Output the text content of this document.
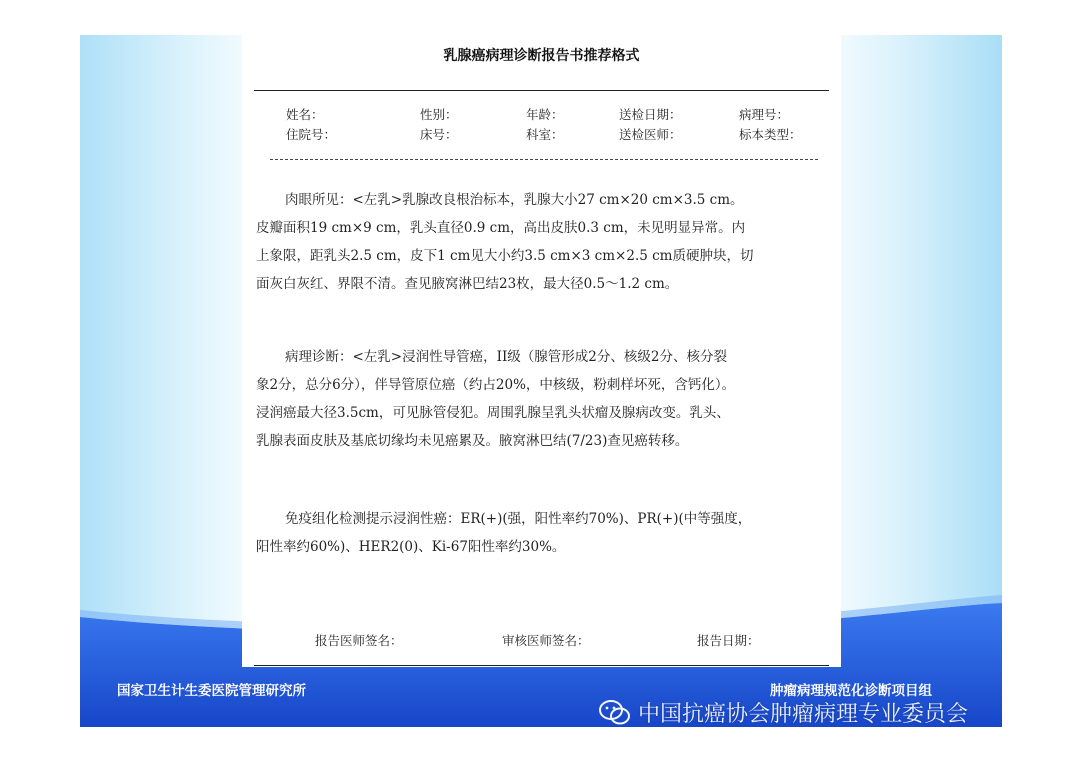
乳腺癌病理诊断报告书推荐格式
姓名：	性别：	年龄：	送检日期：	病理号：
住院号：	床号：	科室：	送检医师：	标本类型：
肉眼所见：<左乳>乳腺改良根治标本，乳腺大小27 cm×20 cm×3.5 cm。
皮瓣面积19 cm×9 cm，乳头直径0.9 cm，高出皮肤0.3 cm，未见明显异常。内
上象限，距乳头2.5 cm，皮下1 cm见大小约3.5 cm×3 cm×2.5 cm质硬肿块，切
面灰白灰红、界限不清。查见腋窝淋巴结23枚，最大径0.5～1.2 cm。
病理诊断：<左乳>浸润性导管癌，II级（腺管形成2分、核级2分、核分裂
象2分，总分6分），伴导管原位癌（约占20%，中核级，粉刺样坏死，含钙化）。
浸润癌最大径3.5cm，可见脉管侵犯。周围乳腺呈乳头状瘤及腺病改变。乳头、
乳腺表面皮肤及基底切缘均未见癌累及。腋窝淋巴结(7/23)查见癌转移。
免疫组化检测提示浸润性癌：ER(+)(强，阳性率约70%)、PR(+)(中等强度，
阳性率约60%)、HER2(0)、Ki-67阳性率约30%。
报告医师签名：	审核医师签名：	报告日期：
国家卫生计生委医院管理研究所	肿瘤病理规范化诊断项目组
中国抗癌协会肿瘤病理专业委员会
